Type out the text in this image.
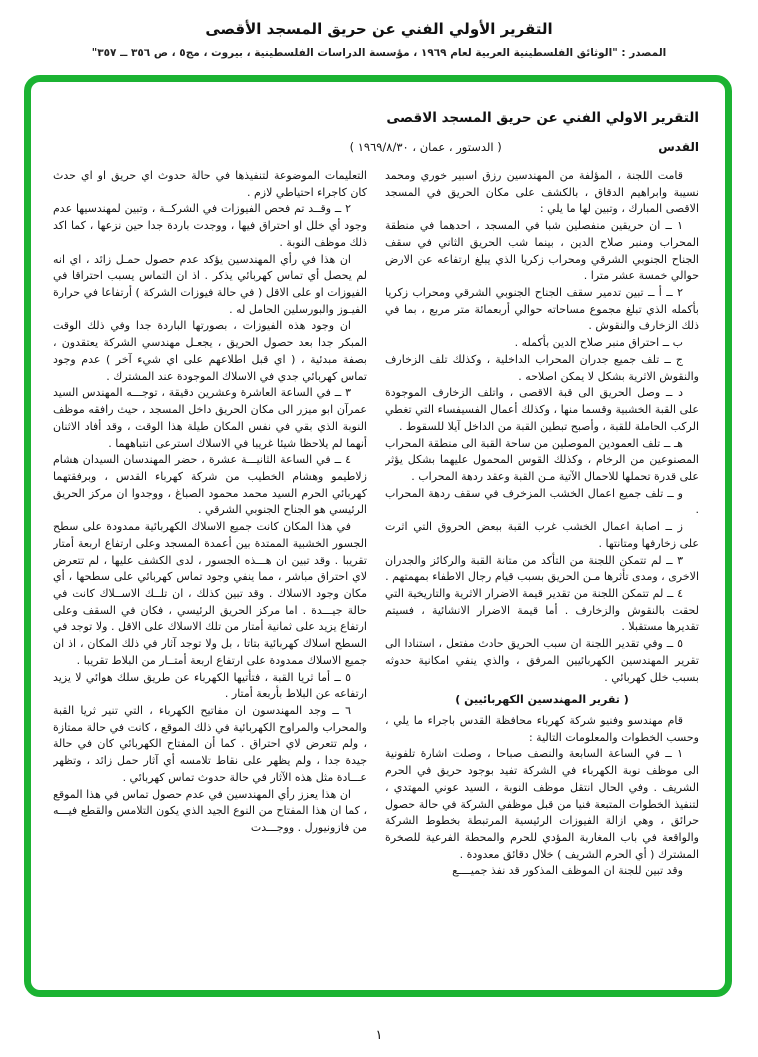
التقرير الأولي الفني عن حريق المسجد الأقصى
المصدر : "الوثائق الفلسطينية العربية لعام ١٩٦٩ ، مؤسسة الدراسات الفلسطينية ، بيروت ، مج٥ ، ص ٣٥٦ ــ ٣٥٧"
التقرير الاولي الفني عن حريق المسجد الاقصى
القدس
( الدستور ، عمان ، ١٩٦٩/٨/٣٠ )

قامت اللجنة ، المؤلفة من المهندسين رزق اسبير خوري ومحمد نسيبة وابراهيم الدقاق ، بالكشف على مكان الحريق في المسجد الاقصى المبارك ، وتبين لها ما يلي :

١ ــ ان حريقين منفصلين شبا في المسجد ، احدهما في منطقة المحراب ومنبر صلاح الدين ، بينما شب الحريق الثاني في سقف الجناح الجنوبي الشرقي ومحراب زكريا الذي يبلغ ارتفاعه عن الارض حوالي خمسة عشر مترا .

٢ ــ أ ــ تبين تدمير سقف الجناح الجنوبي الشرقي ومحراب زكريا بأكمله الذي تبلغ مجموع مساحاته حوالي أربعمائة متر مربع ، بما في ذلك الزخارف والنقوش .

ب ــ احتراق منبر صلاح الدين بأكمله .

ج ــ تلف جميع جدران المحراب الداخلية ، وكذلك تلف الزخارف والنقوش الاثرية بشكل لا يمكن اصلاحه .

د ــ وصل الحريق الى قبة الاقصى ، واتلف الزخارف الموجودة على القبة الخشبية وقسما منها ، وكذلك أعمال الفسيفساء التي تغطي الركب الحاملة للقبة ، وأصبح تبطين القبة من الداخل آيلا للسقوط .

هـ ــ تلف العمودين الموصلين من ساحة القبة الى منطقة المحراب المصنوعين من الرخام ، وكذلك القوس المحمول عليهما بشكل يؤثر على قدرة تحملها للاحمال الآتية مـن القبة وعقد ردهة المحراب .

و ــ تلف جميع اعمال الخشب المزخرف في سقف ردهة المحراب .

ز ــ اصابة اعمال الخشب غرب القبة ببعض الحروق التي اثرت على زخارفها ومتانتها .

٣ ــ لم تتمكن اللجنة من التأكد من متانة القبة والركائز والجدران الاخرى ، ومدى تأثرها مـن الحريق بسبب قيام رجال الاطفاء بمهمتهم .

٤ ــ لم تتمكن اللجنة من تقدير قيمة الاضرار الاثرية والتاريخية التي لحقت بالنقوش والزخارف . أما قيمة الاضرار الانشائية ، فسيتم تقديرها مستقبلا .

٥ ــ وفي تقدير اللجنة ان سبب الحريق حادث مفتعل ، استنادا الى تقرير المهندسين الكهربائيين المرفق ، والذي ينفي امكانية حدوثه بسبب خلل كهربائي .

( تقرير المهندسين الكهربائيين )

قام مهندسو وفنيو شركة كهرباء محافظة القدس باجراء ما يلي ، وحسب الخطوات والمعلومات التالية :

١ ــ في الساعة السابعة والنصف صباحا ، وصلت اشارة تلفونية الى موظف نوبة الكهرباء في الشركة تفيد بوجود حريق في الحرم الشريف . وفي الحال انتقل موظف النوبة ، السيد عوني المهتدي ، لتنفيذ الخطوات المتبعة فنيا من قبل موظفي الشركة في حالة حصول حرائق ، وهي ازالة الفيوزات الرئيسية المرتبطة بخطوط الشركة والواقعة في باب المغاربة المؤدي للحرم والمحطة الفرعية للصخرة المشترك ( أي الحرم الشريف ) خلال دقائق معدودة .

وقد تبين للجنة ان الموظف المذكور قد نفذ جميــــع

التعليمات الموضوعة لتنفيذها في حالة حدوث اي حريق او اي حدث كان كاجراء احتياطي لازم .

٢ ــ وقــد تم فحص الفيوزات في الشركــة ، وتبين لمهندسيها عدم وجود أي خلل او احتراق فيها ، ووجدت باردة جدا حين نزعها ، كما اكد ذلك موظف النوبة .

ان هذا في رأي المهندسين يؤكد عدم حصول حمـل زائد ، اي انه لم يحصل أي تماس كهربائي يذكر . اذ ان التماس يسبب احتراقا في الفيوزات او على الاقل ( في حالة فيوزات الشركة ) أرتفاعا في حرارة الفيـوز والبورسلين الحامل له .

ان وجود هذه الفيوزات ، بصورتها الباردة جدا وفي ذلك الوقت المبكر جدا بعد حصول الحريق ، يجعـل مهندسي الشركة يعتقدون ، بصفة مبدئية ، ( اي قبل اطلاعهم على اي شيء آخر ) عدم وجود تماس كهربائي جدي في الاسلاك الموجودة عند المشترك .

٣ ــ في الساعة العاشرة وعشرين دقيقة ، توجـــه المهندس السيد عمرآن ابو ميزر الى مكان الحريق داخل المسجد ، حيث رافقه موظف النوبة الذي بقي في نفس المكان طيلة هذا الوقت ، وقد أفاد الاثنان أنهما لم يلاحظا شيئا غريبا في الاسلاك استرعى انتباههما .

٤ ــ في الساعة الثانيـــة عشرة ، حضر المهندسان السيدان هشام زلاطيمو وهشام الخطيب من شركة كهرباء القدس ، وبرفقتهما كهربائي الحرم السيد محمد محمود الصباغ ، ووجدوا ان مركز الحريق الرئيسي هو الجناح الجنوبي الشرقي .

في هذا المكان كانت جميع الاسلاك الكهربائية ممدودة على سطح الجسور الخشبية الممتدة بين أعمدة المسجد وعلى ارتفاع اربعة أمتار تقريبا . وقد تبين ان هـــذه الجسور ، لدى الكشف عليها ، لم تتعرض لاي احتراق مباشر ، مما ينفي وجود تماس كهربائي على سطحها ، أي مكان وجود الاسلاك . وقد تبين كذلك ، ان تلــك الاســلاك كانت في حالة جيـــدة . اما مركز الحريق الرئيسي ، فكان في السقف وعلى ارتفاع يزيد على ثمانية أمتار من تلك الاسلاك على الاقل . ولا توجد في السطح اسلاك كهربائية بتاتا ، بل ولا توجد آثار في ذلك المكان ، اذ ان جميع الاسلاك ممدودة على ارتفاع اربعة أمتــار من البلاط تقريبا .

٥ ــ أما ثريا القبة ، فتأتيها الكهرباء عن طريق سلك هوائي لا يزيد ارتفاعه عن البلاط بأربعة أمتار .

٦ ــ وجد المهندسون ان مفاتيح الكهرباء ، التي تنير ثريا القبة والمحراب والمراوح الكهربائية في ذلك الموقع ، كانت في حالة ممتازة ، ولم تتعرض لاي احتراق . كما أن المفتاح الكهربائي كان في حالة جيدة جدا ، ولم يظهر على نقاط تلامسه أي آثار حمل زائد ، وتظهر عـــادة مثل هذه الآثار في حالة حدوث تماس كهربائي .

ان هذا يعزز رأي المهندسين في عدم حصول تماس في هذا الموقع ، كما ان هذا المفتاح من النوع الجيد الذي يكون التلامس والقطع فيـــه من فازونيورل . ووجـــدت

١
